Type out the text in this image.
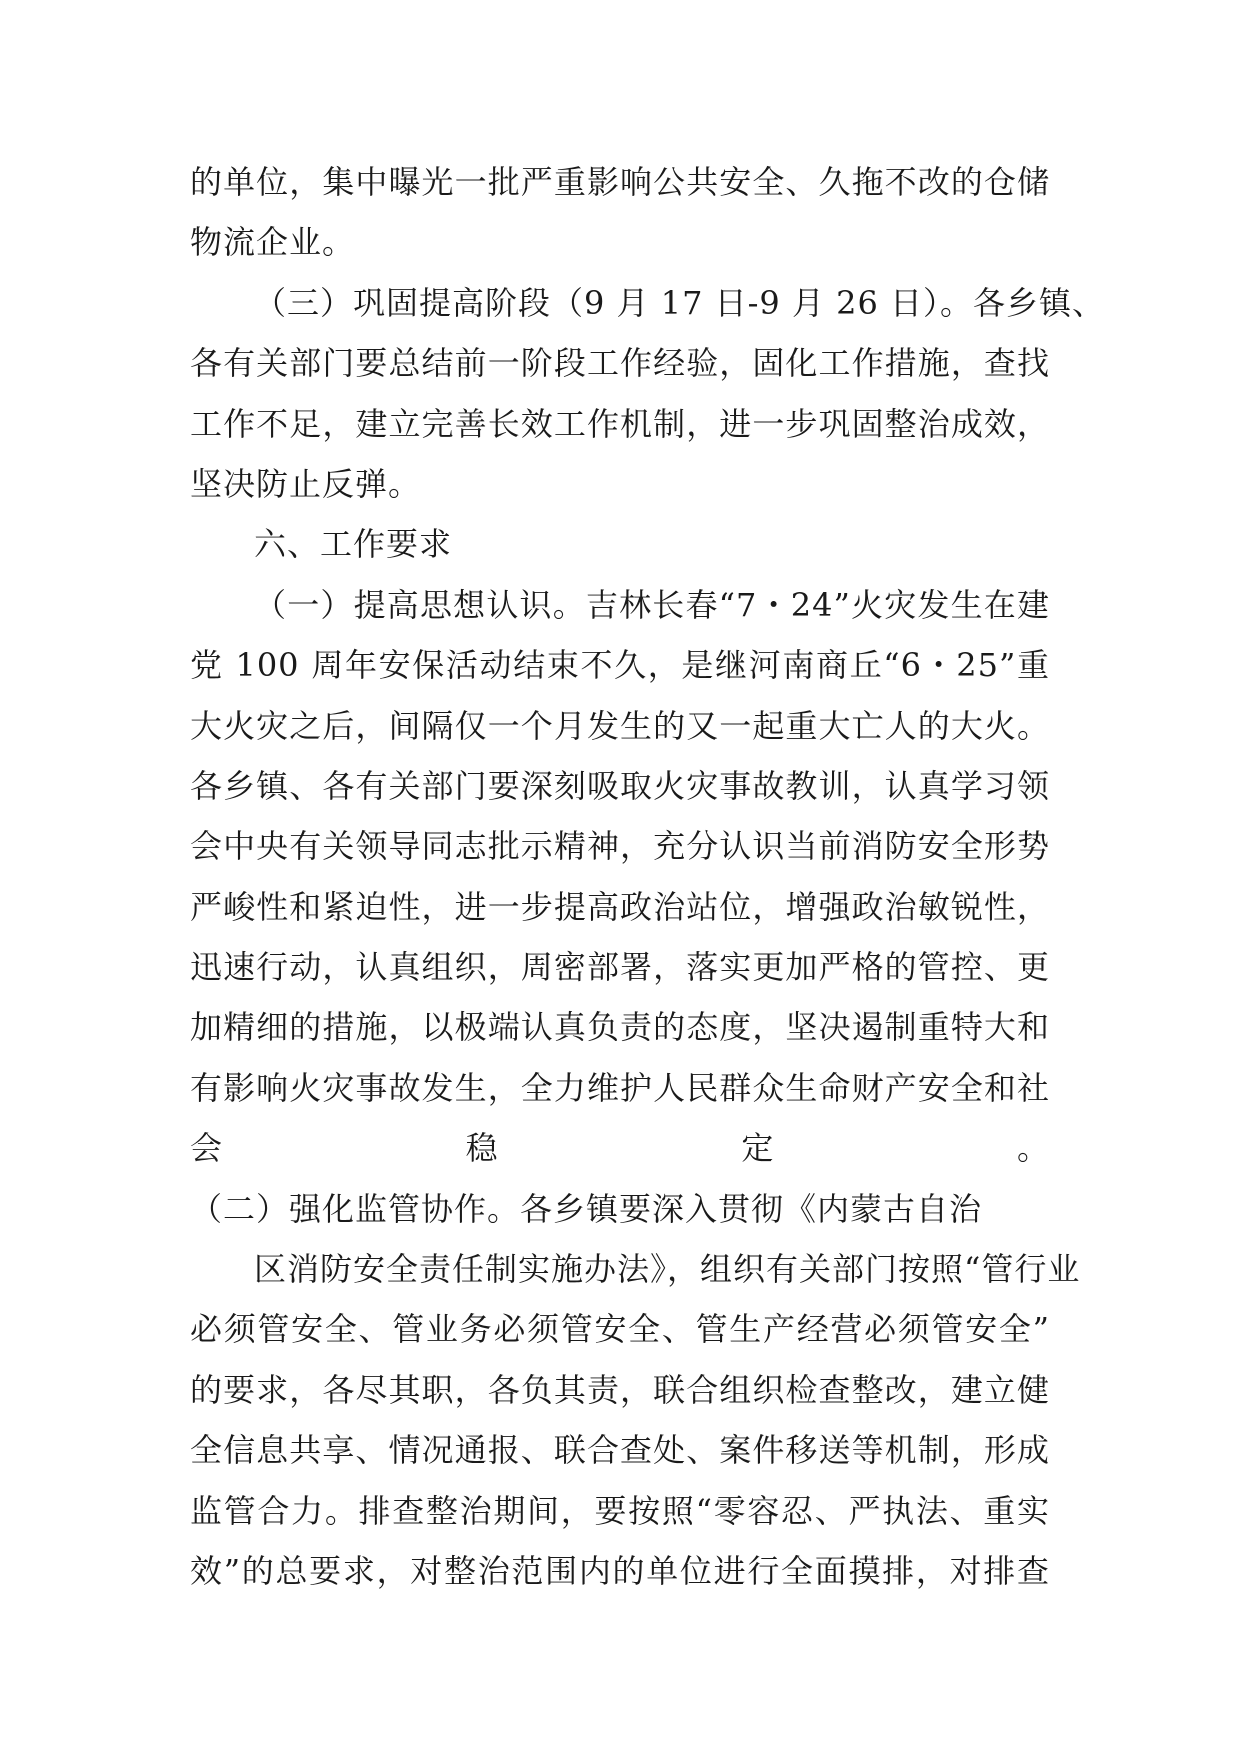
的单位，集中曝光一批严重影响公共安全、久拖不改的仓储
物流企业。
（三）巩固提高阶段（9 月 17 日-9 月 26 日）。各乡镇、
各有关部门要总结前一阶段工作经验，固化工作措施，查找
工作不足，建立完善长效工作机制，进一步巩固整治成效，
坚决防止反弹。
六、工作要求
（一）提高思想认识。吉林长春“7・24”火灾发生在建
党 100 周年安保活动结束不久，是继河南商丘“6・25”重
大火灾之后，间隔仅一个月发生的又一起重大亡人的大火。
各乡镇、各有关部门要深刻吸取火灾事故教训，认真学习领
会中央有关领导同志批示精神，充分认识当前消防安全形势
严峻性和紧迫性，进一步提高政治站位，增强政治敏锐性，
迅速行动，认真组织，周密部署，落实更加严格的管控、更
加精细的措施，以极端认真负责的态度，坚决遏制重特大和
有影响火灾事故发生，全力维护人民群众生命财产安全和社
会稳定。
（二）强化监管协作。各乡镇要深入贯彻《内蒙古自治
区消防安全责任制实施办法》，组织有关部门按照“管行业
必须管安全、管业务必须管安全、管生产经营必须管安全”
的要求，各尽其职，各负其责，联合组织检查整改，建立健
全信息共享、情况通报、联合查处、案件移送等机制，形成
监管合力。排查整治期间，要按照“零容忍、严执法、重实
效”的总要求，对整治范围内的单位进行全面摸排，对排查
